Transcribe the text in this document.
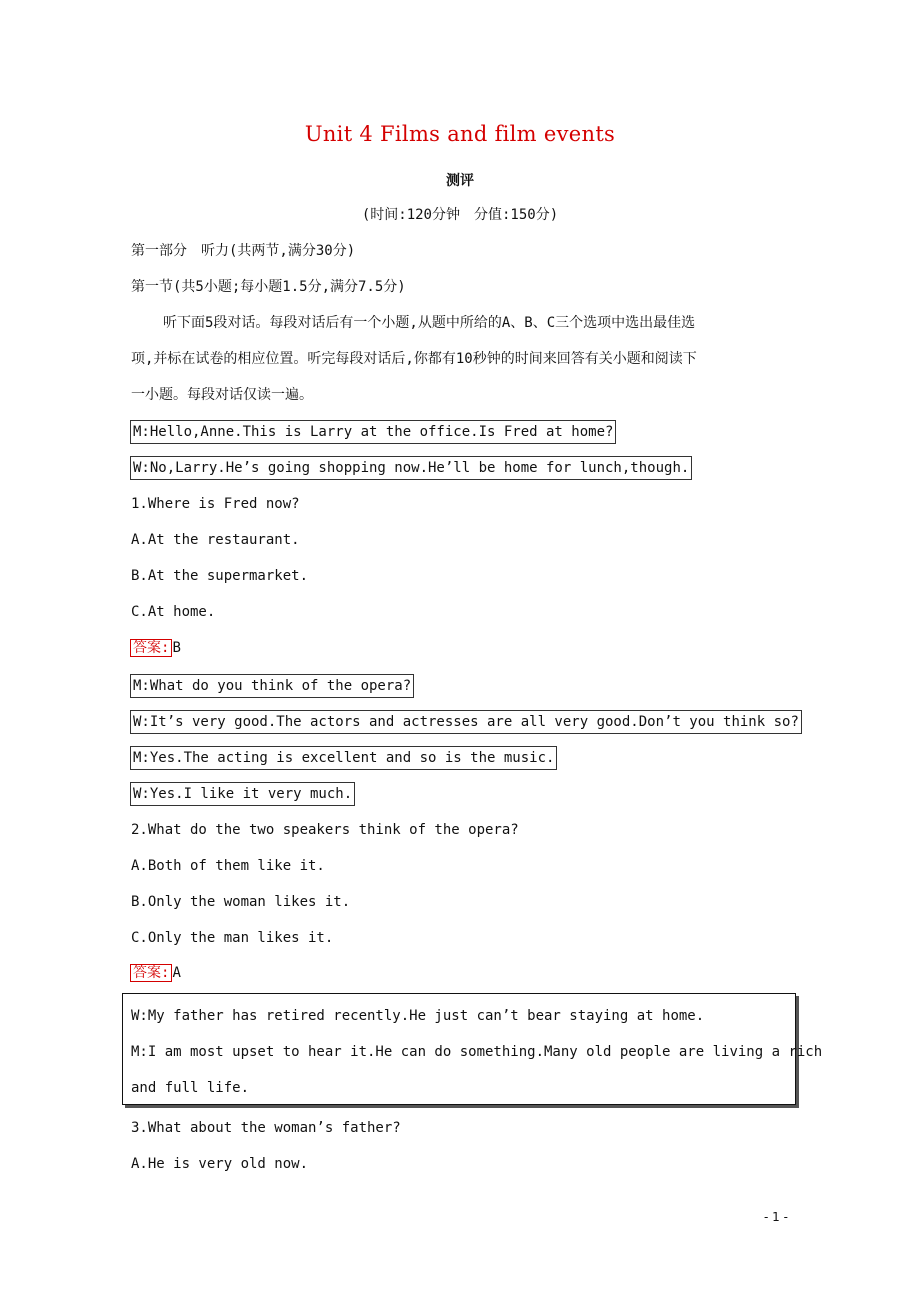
Unit 4 Films and film events
测评
(时间:120分钟　分值:150分)
第一部分　听力(共两节,满分30分)
第一节(共5小题;每小题1.5分,满分7.5分)
听下面5段对话。每段对话后有一个小题,从题中所给的A、B、C三个选项中选出最佳选
项,并标在试卷的相应位置。听完每段对话后,你都有10秒钟的时间来回答有关小题和阅读下
一小题。每段对话仅读一遍。
M:Hello,Anne.This is Larry at the office.Is Fred at home?
W:No,Larry.He’s going shopping now.He’ll be home for lunch,though.
1.Where is Fred now?
A.At the restaurant.
B.At the supermarket.
C.At home.
答案: B
M:What do you think of the opera?
W:It’s very good.The actors and actresses are all very good.Don’t you think so?
M:Yes.The acting is excellent and so is the music.
W:Yes.I like it very much.
2.What do the two speakers think of the opera?
A.Both of them like it.
B.Only the woman likes it.
C.Only the man likes it.
答案: A
W:My father has retired recently.He just can’t bear staying at home.
M:I am most upset to hear it.He can do something.Many old people are living a rich
and full life.
3.What about the woman’s father?
A.He is very old now.
- 1 -
